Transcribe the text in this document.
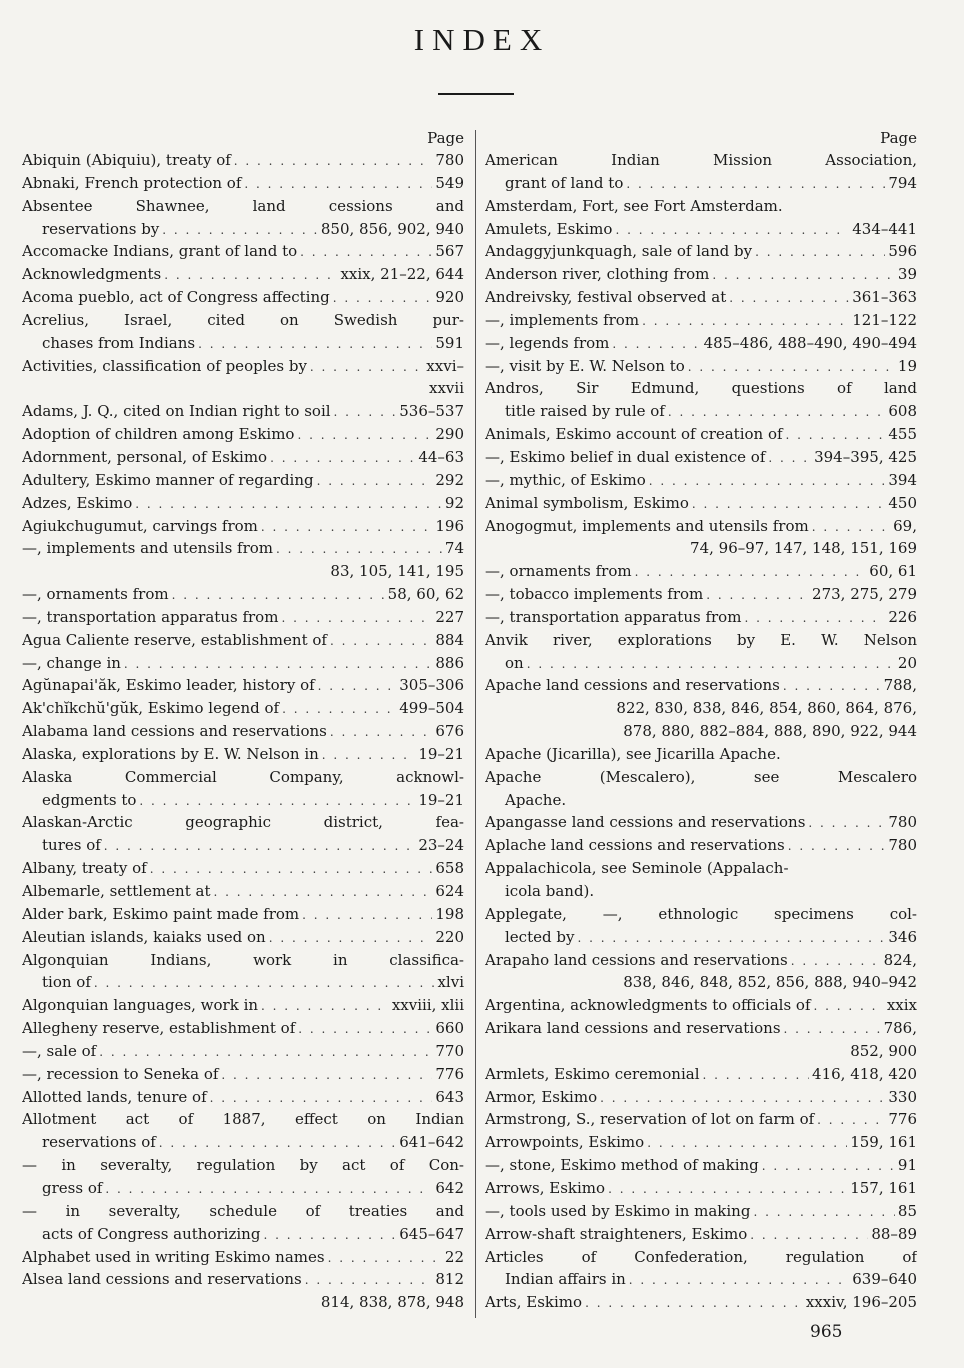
INDEX
Page
Abiquin (Abiquiu), treaty of . . .	780
Abnaki, French protection of . . .	549
Absentee Shawnee, land cessions and
reservations by . . .	850, 856, 902, 940
Accomacke Indians, grant of land to . . .	567
Acknowledgments . . .	xxix, 21–22, 644
Acoma pueblo, act of Congress affecting . . .	920
Acrelius, Israel, cited on Swedish pur-
chases from Indians . . .	591
Activities, classification of peoples by . . .	xxvi–
xxvii
Adams, J. Q., cited on Indian right to soil . . .	536–537
Adoption of children among Eskimo . . .	290
Adornment, personal, of Eskimo . . .	44–63
Adultery, Eskimo manner of regarding . . .	292
Adzes, Eskimo . . .	92
Agiukchugumut, carvings from . . .	196
—, implements and utensils from . . .	74
83, 105, 141, 195
—, ornaments from . . .	58, 60, 62
—, transportation apparatus from . . .	227
Agua Caliente reserve, establishment of . . .	884
—, change in . . .	886
Agŭnapai'ăk, Eskimo leader, history of . . .	305–306
Ak'chĭkchŭ'gŭk, Eskimo legend of . . .	499–504
Alabama land cessions and reservations . . .	676
Alaska, explorations by E. W. Nelson in . . .	19–21
Alaska Commercial Company, acknowl-
edgments to . . .	19–21
Alaskan-Arctic geographic district, fea-
tures of . . .	23–24
Albany, treaty of . . .	658
Albemarle, settlement at . . .	624
Alder bark, Eskimo paint made from . . .	198
Aleutian islands, kaiaks used on . . .	220
Algonquian Indians, work in classifica-
tion of . . .	xlvi
Algonquian languages, work in . . .	xxviii, xlii
Allegheny reserve, establishment of . . .	660
—, sale of . . .	770
—, recession to Seneka of . . .	776
Allotted lands, tenure of . . .	643
Allotment act of 1887, effect on Indian
reservations of . . .	641–642
— in severalty, regulation by act of Con-
gress of . . .	642
— in severalty, schedule of treaties and
acts of Congress authorizing . . .	645–647
Alphabet used in writing Eskimo names . . .	22
Alsea land cessions and reservations . . .	812
814, 838, 878, 948
Page
American Indian Mission Association,
grant of land to . . .	794
Amsterdam, Fort, see Fort Amsterdam.
Amulets, Eskimo . . .	434–441
Andaggyjunkquagh, sale of land by . . .	596
Anderson river, clothing from . . .	39
Andreivsky, festival observed at . . .	361–363
—, implements from . . .	121–122
—, legends from . . .	485–486, 488–490, 490–494
—, visit by E. W. Nelson to . . .	19
Andros, Sir Edmund, questions of land
title raised by rule of . . .	608
Animals, Eskimo account of creation of . . .	455
—, Eskimo belief in dual existence of . . .	394–395, 425
—, mythic, of Eskimo . . .	394
Animal symbolism, Eskimo . . .	450
Anogogmut, implements and utensils from . . .	69,
74, 96–97, 147, 148, 151, 169
—, ornaments from . . .	60, 61
—, tobacco implements from . . .	273, 275, 279
—, transportation apparatus from . . .	226
Anvik river, explorations by E. W. Nelson
on . . .	20
Apache land cessions and reservations . . .	788,
822, 830, 838, 846, 854, 860, 864, 876,
878, 880, 882–884, 888, 890, 922, 944
Apache (Jicarilla), see Jicarilla Apache.
Apache (Mescalero), see Mescalero
Apache.
Apangasse land cessions and reservations . . .	780
Aplache land cessions and reservations . . .	780
Appalachicola, see Seminole (Appalach-
icola band).
Applegate, —, ethnologic specimens col-
lected by . . .	346
Arapaho land cessions and reservations . . .	824,
838, 846, 848, 852, 856, 888, 940–942
Argentina, acknowledgments to officials of . . .	xxix
Arikara land cessions and reservations . . .	786,
852, 900
Armlets, Eskimo ceremonial . . .	416, 418, 420
Armor, Eskimo . . .	330
Armstrong, S., reservation of lot on farm of . . .	776
Arrowpoints, Eskimo . . .	159, 161
—, stone, Eskimo method of making . . .	91
Arrows, Eskimo . . .	157, 161
—, tools used by Eskimo in making . . .	85
Arrow-shaft straighteners, Eskimo . . .	88–89
Articles of Confederation, regulation of
Indian affairs in . . .	639–640
Arts, Eskimo . . .	xxxiv, 196–205
965
